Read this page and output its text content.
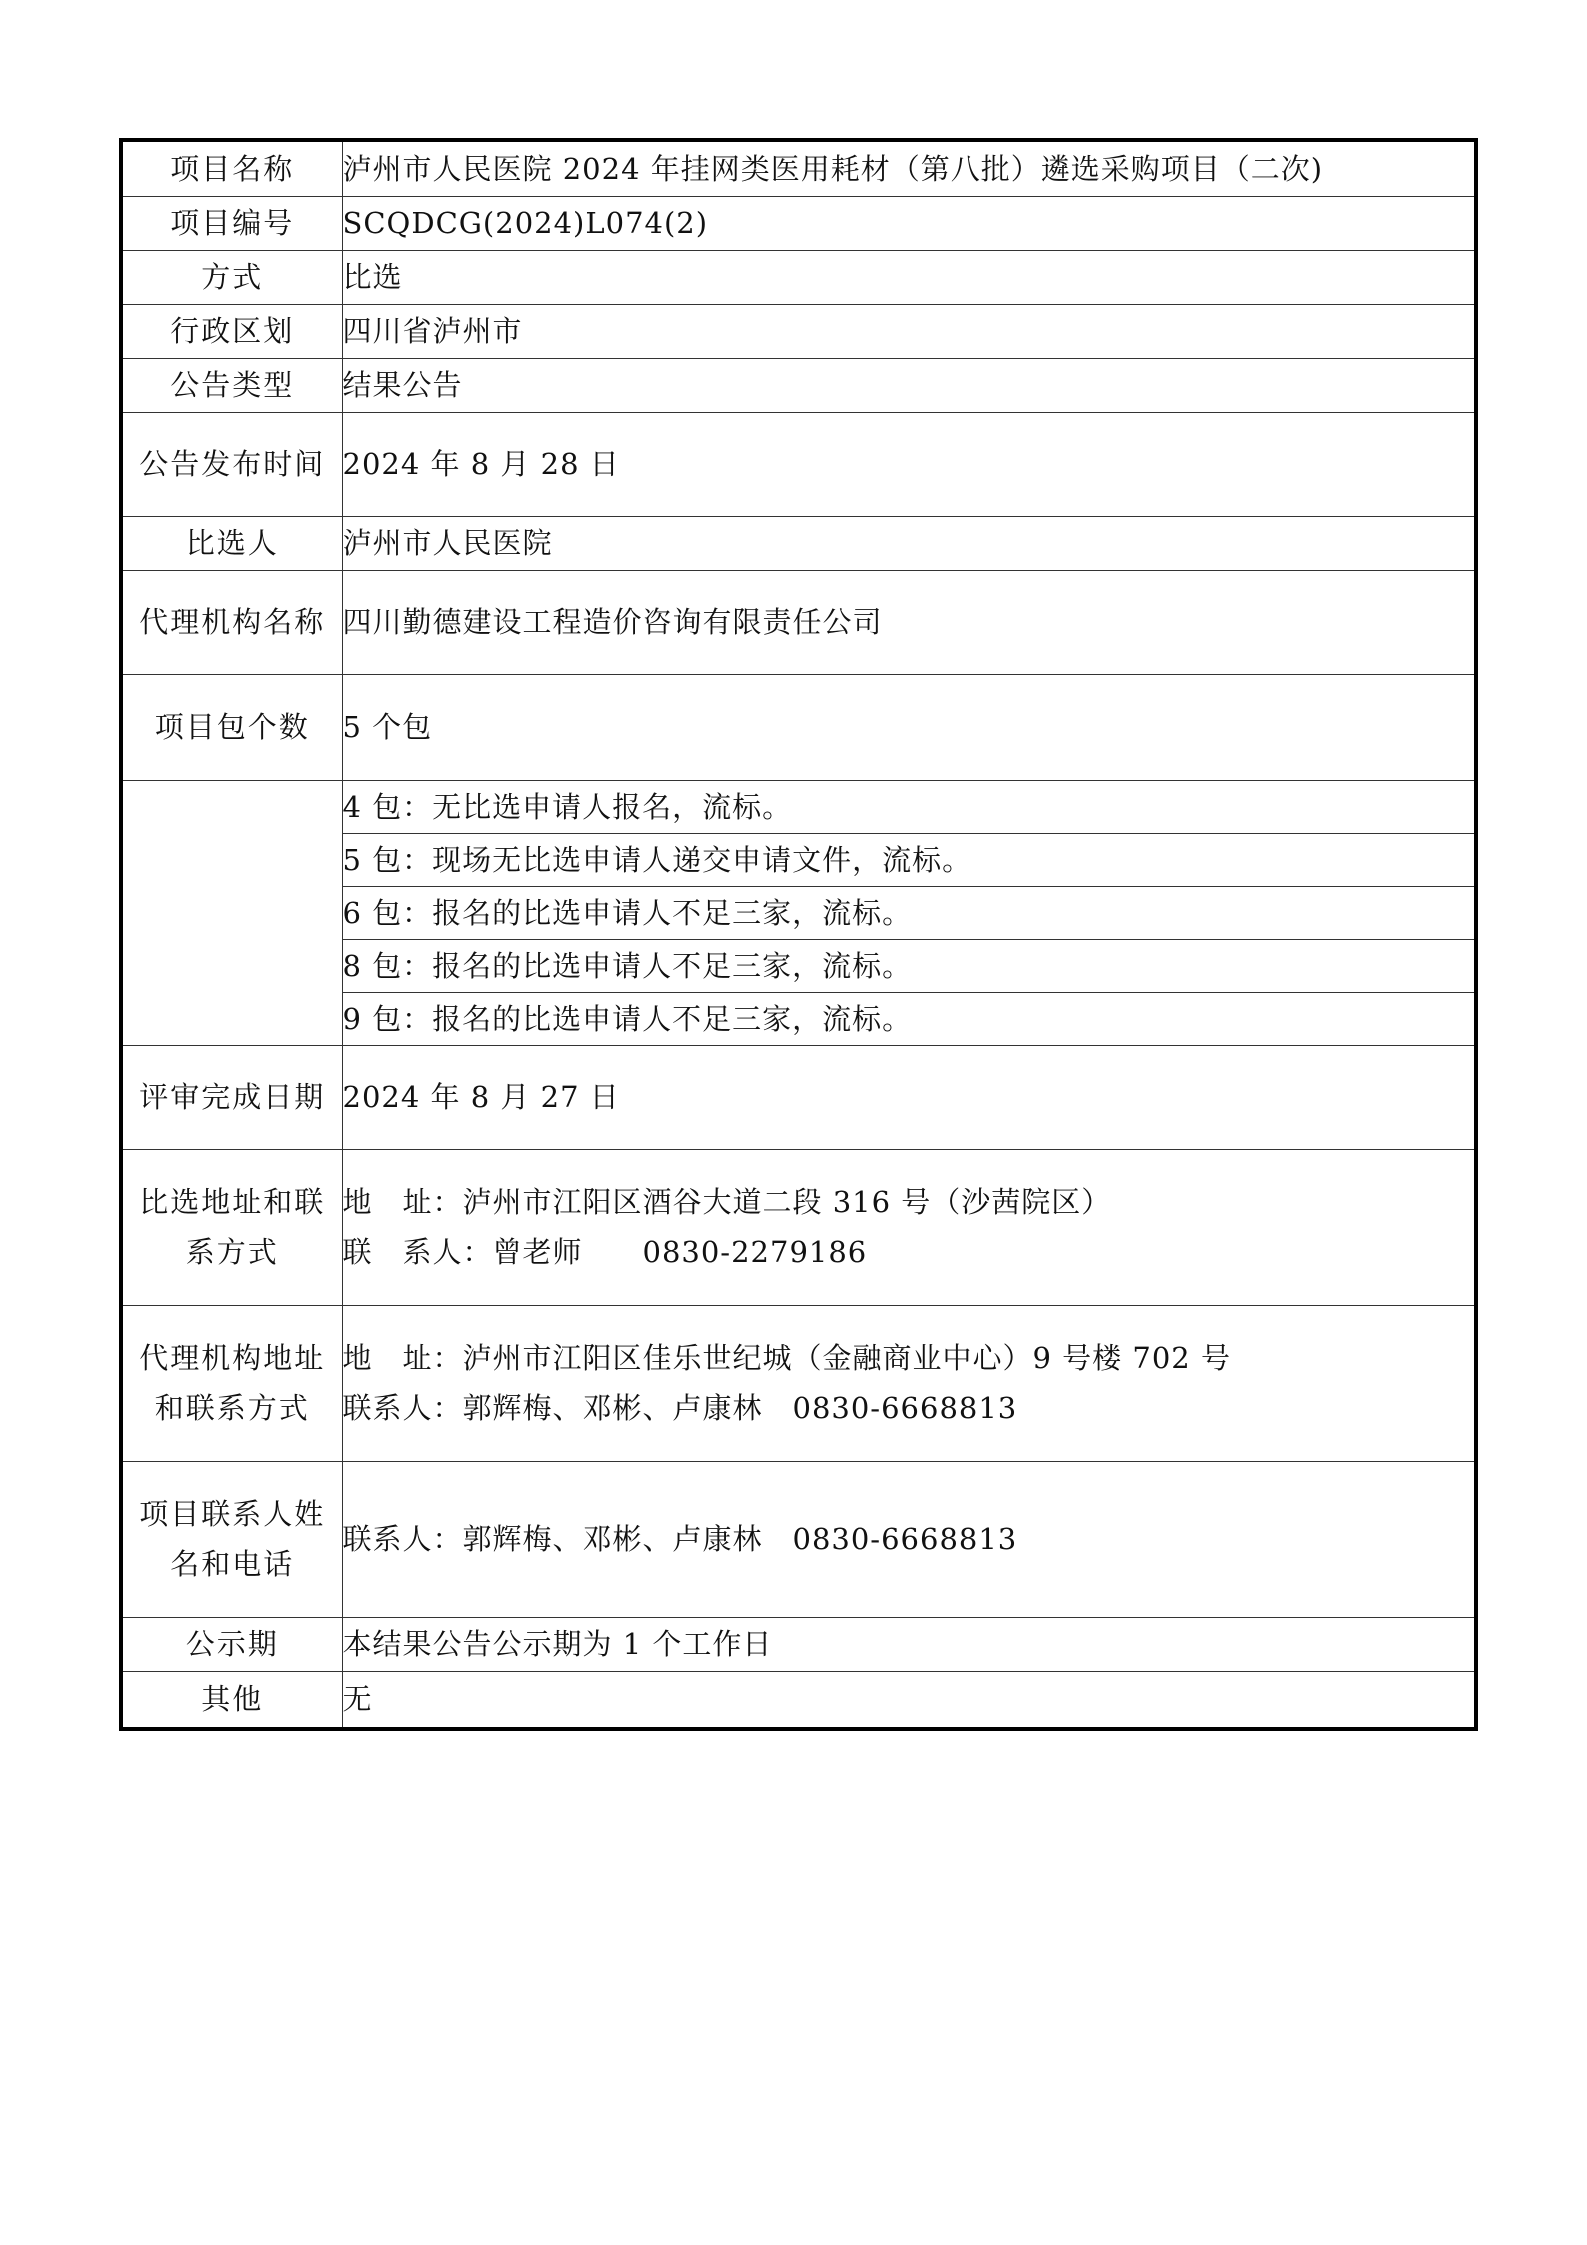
项目名称	泸州市人民医院 2024 年挂网类医用耗材（第八批）遴选采购项目（二次)
项目编号	SCQDCG(2024)L074(2)
方式	比选
行政区划	四川省泸州市
公告类型	结果公告
公告发布时间	2024 年 8 月 28 日
比选人	泸州市人民医院
代理机构名称	四川勤德建设工程造价咨询有限责任公司
项目包个数	5 个包
	4 包：无比选申请人报名，流标。
	5 包：现场无比选申请人递交申请文件，流标。
	6 包：报名的比选申请人不足三家，流标。
	8 包：报名的比选申请人不足三家，流标。
	9 包：报名的比选申请人不足三家，流标。
评审完成日期	2024 年 8 月 27 日
比选地址和联系方式	地　址：泸州市江阳区酒谷大道二段 316 号（沙茜院区）
联　系人：曾老师　　0830-2279186

代理机构地址和联系方式	地　址：泸州市江阳区佳乐世纪城（金融商业中心）9 号楼 702 号
联系人：郭辉梅、邓彬、卢康林　0830-6668813

项目联系人姓名和电话	联系人：郭辉梅、邓彬、卢康林　0830-6668813
公示期	本结果公告公示期为 1 个工作日
其他	无
